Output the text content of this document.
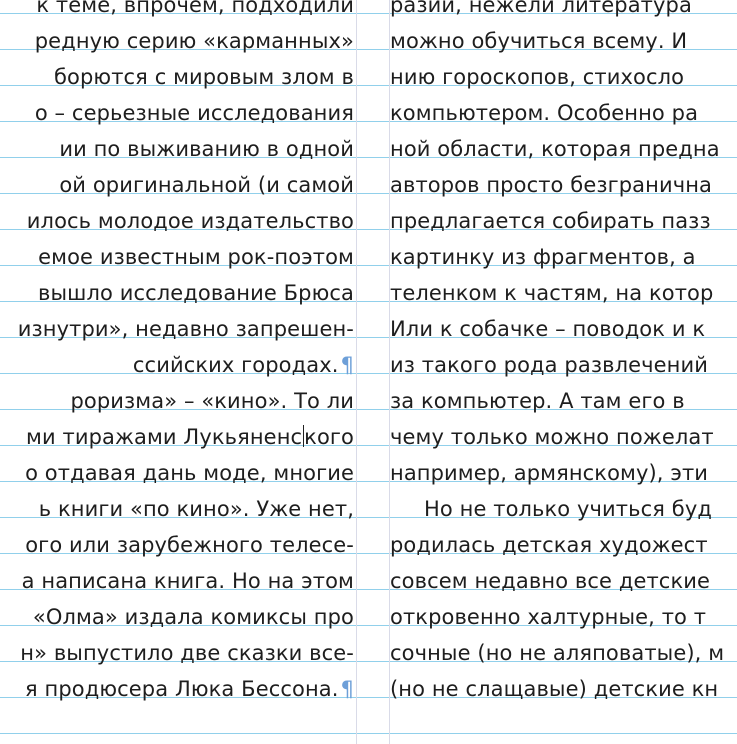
к теме, впрочем, подходили
редную серию «карманных»
борются с мировым злом в
о – серьезные исследования
ии по выживанию в одной
ой оригинальной (и самой
илось молодое издательство
емое известным рок-поэтом
вышло исследование Брюса
изнутри», недавно запрешен-
ссийских городах.¶
роризма» – «кино». То ли
ми тиражами Лукьяненского
о отдавая дань моде, многие
ь книги «по кино». Уже нет,
ого или зарубежного телесе-
а написана книга. Но на этом
«Олма» издала комиксы про
н» выпустило две сказки все-
я продюсера Люка Бессона.¶
разии, нежели литература
можно обучиться всему. И
нию гороскопов, стихосло
компьютером. Особенно ра
ной области, которая предна
авторов просто безгранична
предлагается собирать пазз
картинку из фрагментов, а
теленком к частям, на котор
Или к собачке – поводок и к
из такого рода развлечений
за компьютер. А там его в
чему только можно пожелат
например, армянскому), эти
Но не только учиться буд
родилась детская художест
совсем недавно все детские
откровенно халтурные, то т
сочные (но не аляповатые), м
(но не слащавые) детские кн
